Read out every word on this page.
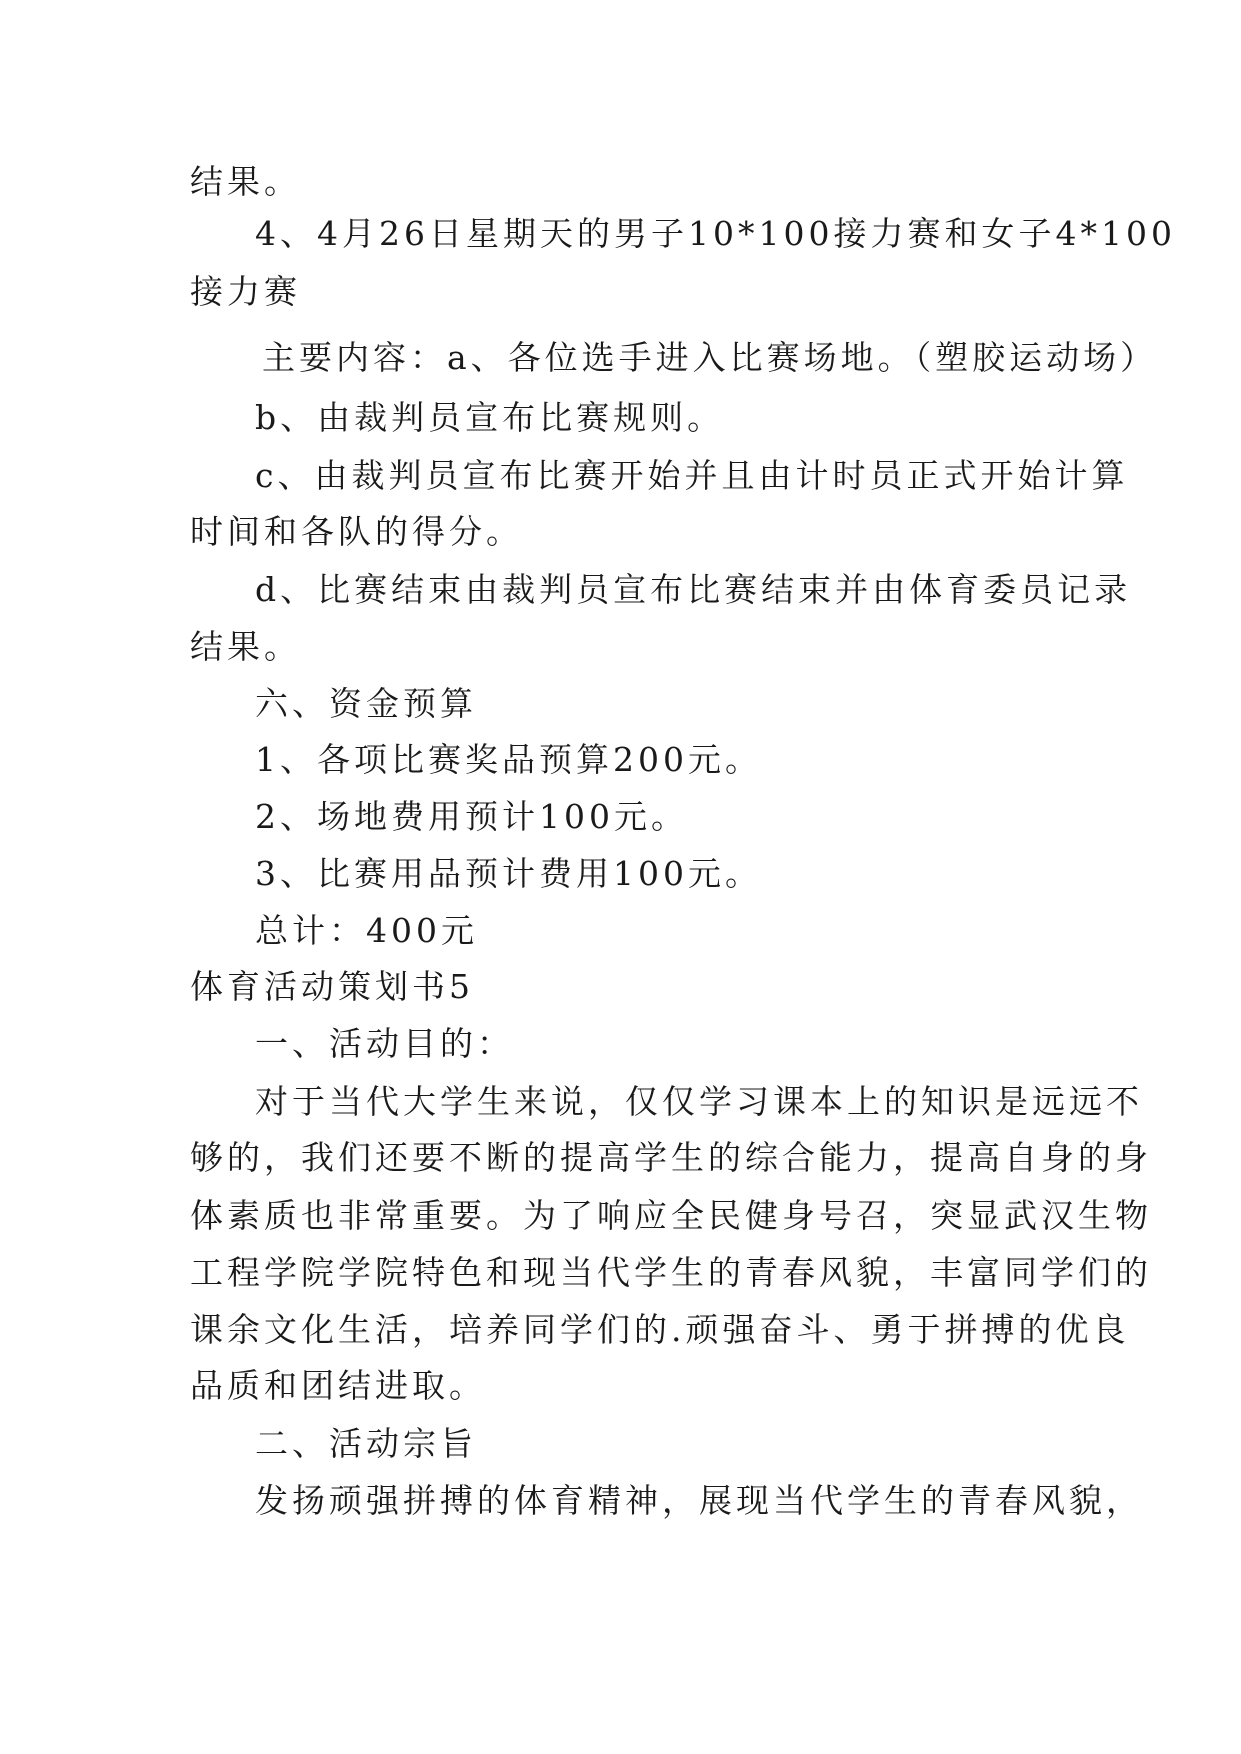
结果。
4、4月26日星期天的男子10*100接力赛和女子4*100
接力赛
主要内容：a、各位选手进入比赛场地。（塑胶运动场）
b、由裁判员宣布比赛规则。
c、由裁判员宣布比赛开始并且由计时员正式开始计算
时间和各队的得分。
d、比赛结束由裁判员宣布比赛结束并由体育委员记录
结果。
六、资金预算
1、各项比赛奖品预算200元。
2、场地费用预计100元。
3、比赛用品预计费用100元。
总计：400元
体育活动策划书5
一、活动目的：
对于当代大学生来说，仅仅学习课本上的知识是远远不
够的，我们还要不断的提高学生的综合能力，提高自身的身
体素质也非常重要。为了响应全民健身号召，突显武汉生物
工程学院学院特色和现当代学生的青春风貌，丰富同学们的
课余文化生活，培养同学们的.顽强奋斗、勇于拼搏的优良
品质和团结进取。
二、活动宗旨
发扬顽强拼搏的体育精神，展现当代学生的青春风貌，
